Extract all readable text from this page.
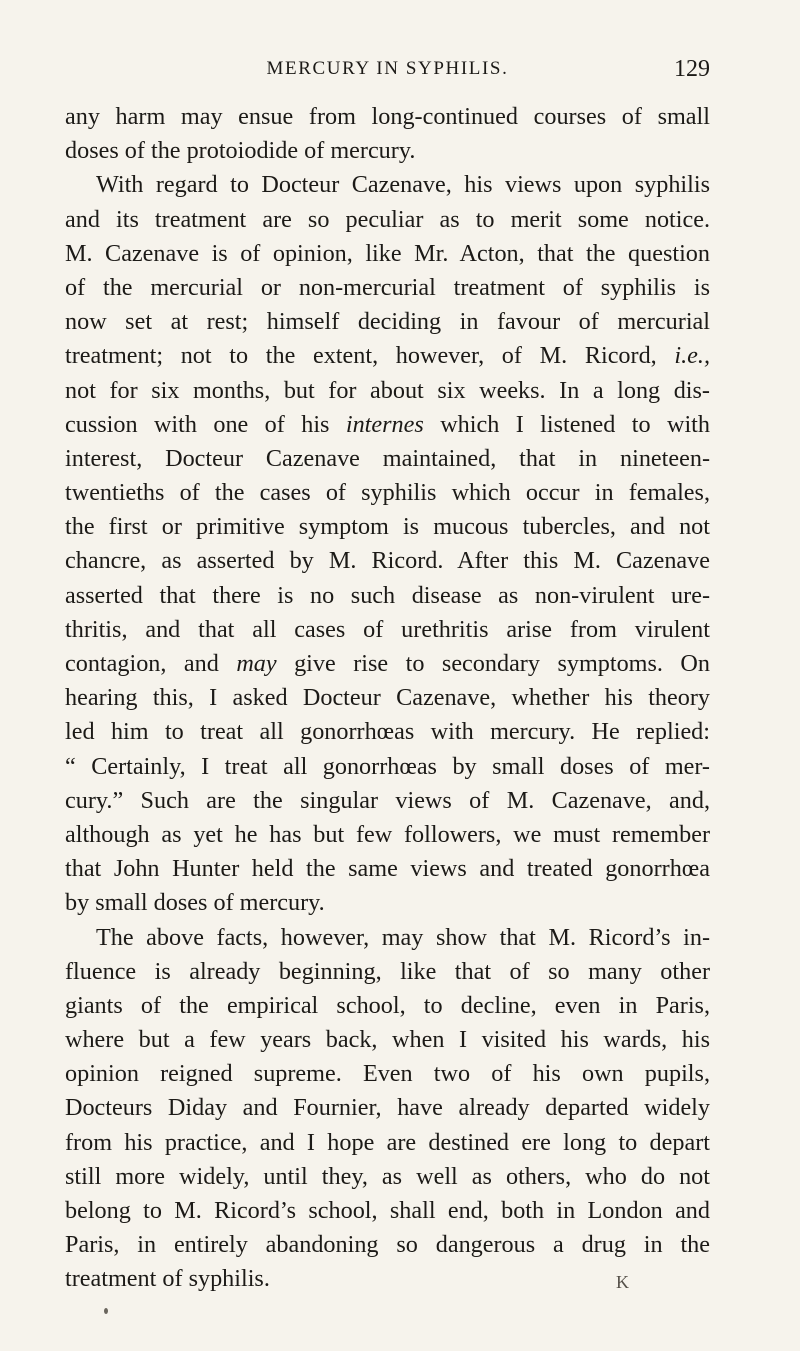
MERCURY IN SYPHILIS.	129
any harm may ensue from long-continued courses of small
doses of the protoiodide of mercury.
With regard to Docteur Cazenave, his views upon syphilis
and its treatment are so peculiar as to merit some notice.
M. Cazenave is of opinion, like Mr. Acton, that the question
of the mercurial or non-mercurial treatment of syphilis is
now set at rest; himself deciding in favour of mercurial
treatment; not to the extent, however, of M. Ricord, i.e.,
not for six months, but for about six weeks. In a long dis-
cussion with one of his internes which I listened to with
interest, Docteur Cazenave maintained, that in nineteen-
twentieths of the cases of syphilis which occur in females,
the first or primitive symptom is mucous tubercles, and not
chancre, as asserted by M. Ricord. After this M. Cazenave
asserted that there is no such disease as non-virulent ure-
thritis, and that all cases of urethritis arise from virulent
contagion, and may give rise to secondary symptoms. On
hearing this, I asked Docteur Cazenave, whether his theory
led him to treat all gonorrhœas with mercury. He replied:
“ Certainly, I treat all gonorrhœas by small doses of mer-
cury.” Such are the singular views of M. Cazenave, and,
although as yet he has but few followers, we must remember
that John Hunter held the same views and treated gonorrhœa
by small doses of mercury.
The above facts, however, may show that M. Ricord’s in-
fluence is already beginning, like that of so many other
giants of the empirical school, to decline, even in Paris,
where but a few years back, when I visited his wards, his
opinion reigned supreme. Even two of his own pupils,
Docteurs Diday and Fournier, have already departed widely
from his practice, and I hope are destined ere long to depart
still more widely, until they, as well as others, who do not
belong to M. Ricord’s school, shall end, both in London and
Paris, in entirely abandoning so dangerous a drug in the
treatment of syphilis.	K
